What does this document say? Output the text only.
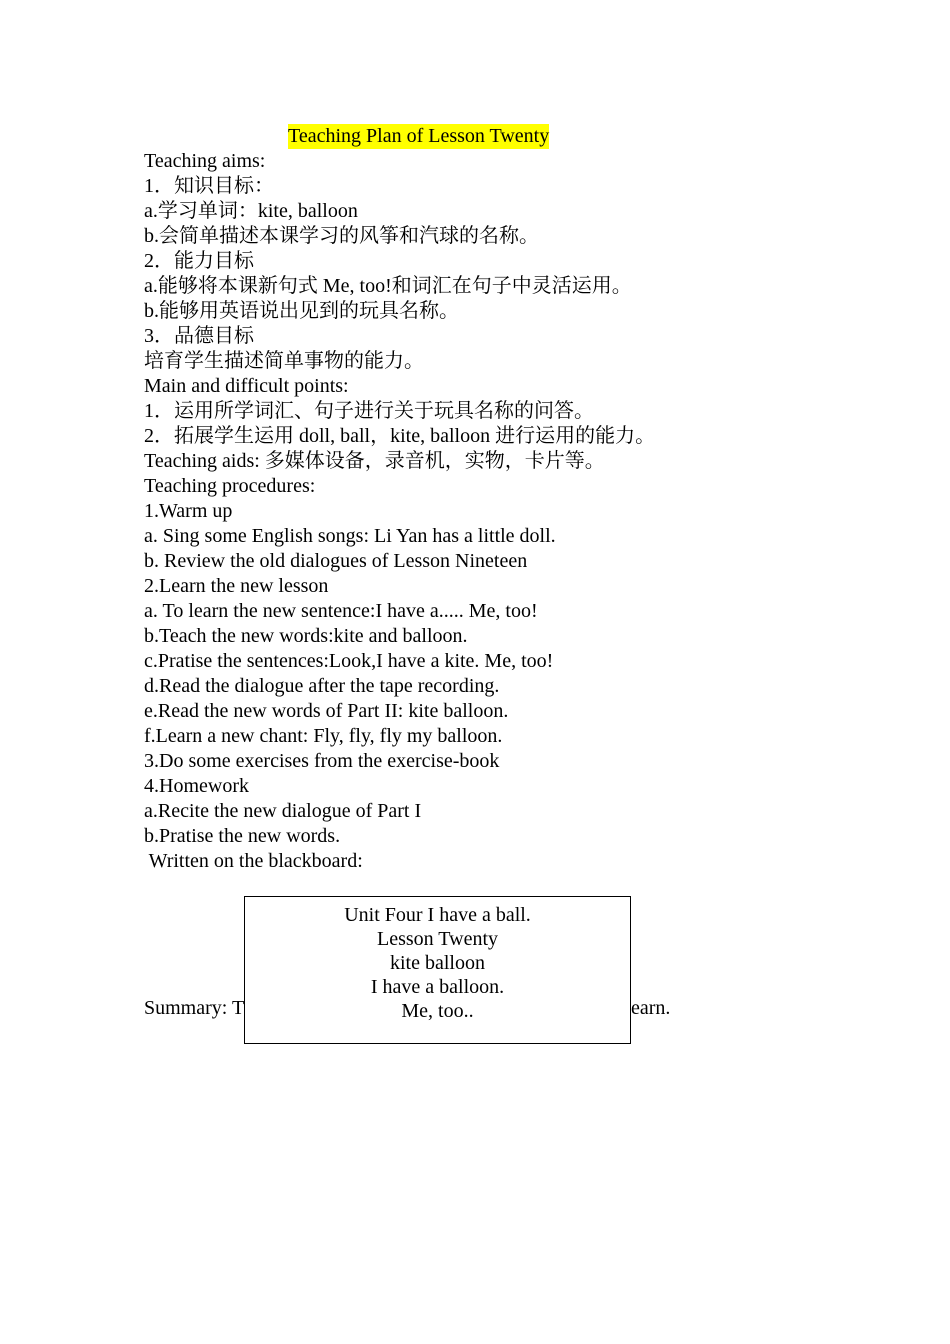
Teaching Plan of Lesson Twenty
Teaching aims:
1．知识目标：
a.学习单词：kite, balloon
b.会简单描述本课学习的风筝和汽球的名称。
2．能力目标
a.能够将本课新句式 Me, too!和词汇在句子中灵活运用。
b.能够用英语说出见到的玩具名称。
3．品德目标
培育学生描述简单事物的能力。
Main and difficult points:
1．运用所学词汇、句子进行关于玩具名称的问答。
2．拓展学生运用 doll, ball，kite, balloon 进行运用的能力。
Teaching aids: 多媒体设备，录音机，实物，卡片等。
Teaching procedures:
1.Warm up
a. Sing some English songs: Li Yan has a little doll.
b. Review the old dialogues of Lesson Nineteen
2.Learn the new lesson
a. To learn the new sentence:I have a..... Me, too!
b.Teach the new words:kite and balloon.
c.Pratise the sentences:Look,I have a kite. Me, too!
d.Read the dialogue after the tape recording.
e.Read the new words of Part II: kite balloon.
f.Learn a new chant: Fly, fly, fly my balloon.
3.Do some exercises from the exercise-book
4.Homework
a.Recite the new dialogue of Part I
b.Pratise the new words.
Written on the blackboard:
Summary: T	earn.
Unit Four I have a ball.
Lesson Twenty
kite balloon
I have a balloon.
Me, too..
